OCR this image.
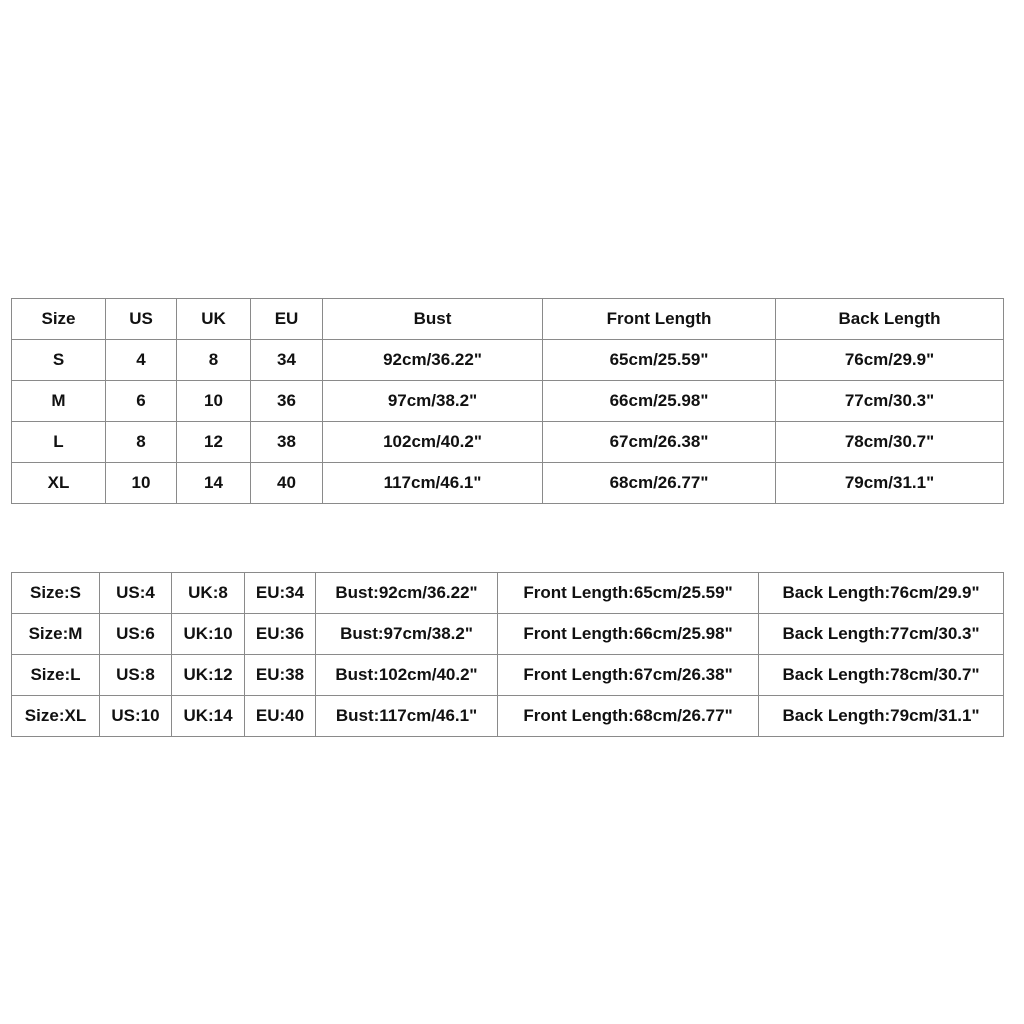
Size	US	UK	EU	Bust	Front Length	Back Length
S	4	8	34	92cm/36.22"	65cm/25.59"	76cm/29.9"
M	6	10	36	97cm/38.2"	66cm/25.98"	77cm/30.3"
L	8	12	38	102cm/40.2"	67cm/26.38"	78cm/30.7"
XL	10	14	40	117cm/46.1"	68cm/26.77"	79cm/31.1"
Size:S	US:4	UK:8	EU:34	Bust:92cm/36.22"	Front Length:65cm/25.59"	Back Length:76cm/29.9"
Size:M	US:6	UK:10	EU:36	Bust:97cm/38.2"	Front Length:66cm/25.98"	Back Length:77cm/30.3"
Size:L	US:8	UK:12	EU:38	Bust:102cm/40.2"	Front Length:67cm/26.38"	Back Length:78cm/30.7"
Size:XL	US:10	UK:14	EU:40	Bust:117cm/46.1"	Front Length:68cm/26.77"	Back Length:79cm/31.1"
